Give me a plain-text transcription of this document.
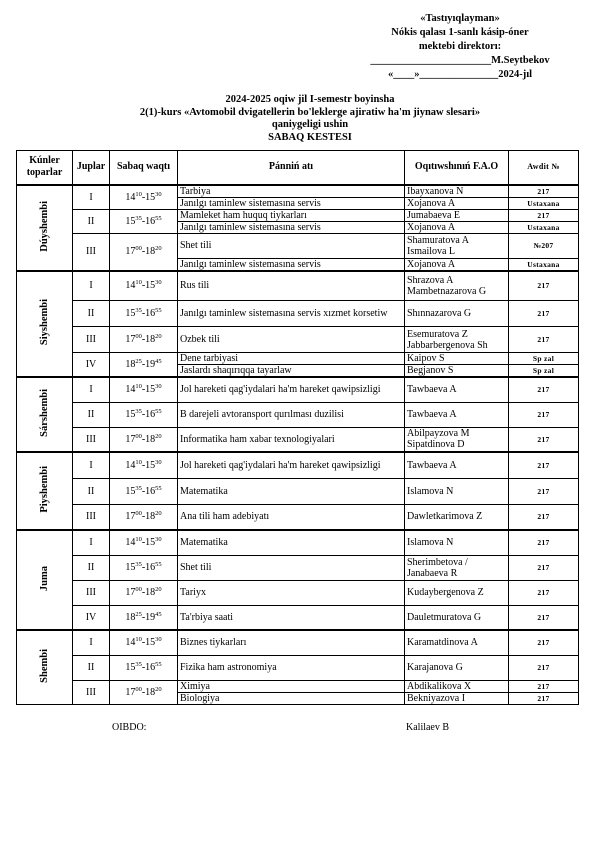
«Tastıyıqlayman»
Nókis qalası 1-sanlı kásip-óner
mektebi direktorı:
_______________________M.Seytbekov
«____»_______________2024-jıl
2024-2025 oqiw jil I-semestr boyinsha
2(1)-kurs «Avtomobil dvigatellerin bo'leklerge ajiratiw ha'm jiynaw slesari»
qaniygeligi ushin
SABAQ KESTESI
Kúnler toparlar	Juplar	Sabaq waqtı	Pánniń atı	Oqıtıwshınıń F.A.O	Awdit №
Dúyshembi	I	$14^{10}-15^{30}$	Tarbiya	Ibayxanova N	217
			Janılgı taminlew sistemasına servis	Xojanova A	Ustaxana
	II	$15^{35}-16^{55}$	Mamleket ham huquq tiykarları	Jumabaeva E	217
			Janılgı taminlew sistemasına servis	Xojanova A	Ustaxana
	III	$17^{00}-18^{20}$	Shet tili	Shamuratova A Ismailova L	№207
			Janılgı taminlew sistemasına servis	Xojanova A	Ustaxana
Siyshembi	I	$14^{10}-15^{30}$	Rus tili	Shrazova A Mambetnazarova G	217
	II	$15^{35}-16^{55}$	Janılgı taminlew sistemasına servis xızmet korsetiw	Shınnazarova G	217
	III	$17^{00}-18^{20}$	Ozbek tili	Esemuratova Z Jabbarbergenova Sh	217
	IV	$18^{25}-19^{45}$	Dene tarbiyasi	Kaipov S	Sp zal
			Jaslardı shaqırıqqa tayarlaw	Begjanov S	Sp zal
Sárshembi	I	$14^{10}-15^{30}$	Jol hareketi qag'iydalari ha'm hareket qawipsizligi	Tawbaeva A	217
	II	$15^{35}-16^{55}$	B darejeli avtoransport qurılması duzilisi	Tawbaeva A	217
	III	$17^{00}-18^{20}$	Informatika ham xabar texnologiyalari	Abilpayzova M Sipatdinova D	217
Piyshembi	I	$14^{10}-15^{30}$	Jol hareketi qag'iydalari ha'm hareket qawipsizligi	Tawbaeva A	217
	II	$15^{35}-16^{55}$	Matematika	Islamova N	217
	III	$17^{00}-18^{20}$	Ana tili ham adebiyatı	Dawletkarimova Z	217
Juma	I	$14^{10}-15^{30}$	Matematika	Islamova N	217
	II	$15^{35}-16^{55}$	Shet tili	Sherimbetova / Janabaeva R	217
	III	$17^{00}-18^{20}$	Tariyx	Kudaybergenova Z	217
	IV	$18^{25}-19^{45}$	Ta'rbiya saati	Dauletmuratova G	217
Shembi	I	$14^{10}-15^{30}$	Biznes tiykarları	Karamatdinova A	217
	II	$15^{35}-16^{55}$	Fizika ham astronomiya	Karajanova G	217
	III	$17^{00}-18^{20}$	Ximiya	Abdikalikova X	217
			Biologiya	Bekniyazova I	217
OIBDO:	Kalilaev B
